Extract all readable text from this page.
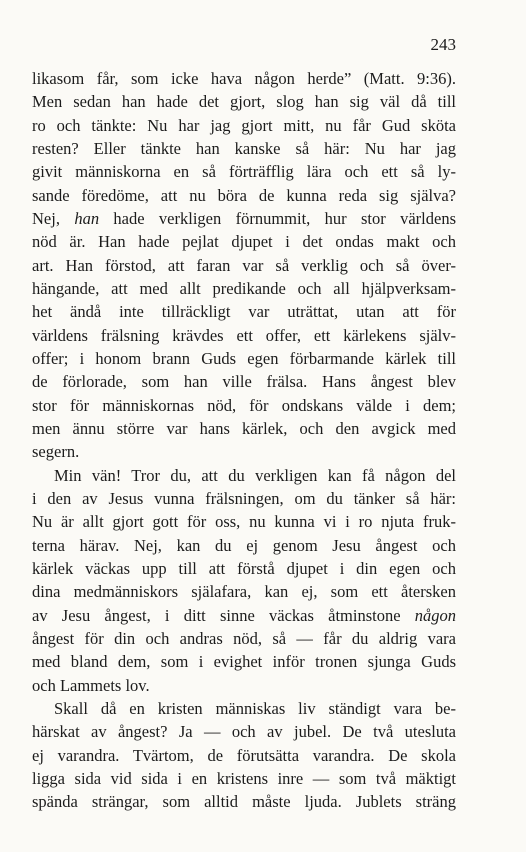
243
likasom får, som icke hava någon herde” (Matt. 9:36).
Men sedan han hade det gjort, slog han sig väl då till
ro och tänkte: Nu har jag gjort mitt, nu får Gud sköta
resten? Eller tänkte han kanske så här: Nu har jag
givit människorna en så förträfflig lära och ett så ly-
sande föredöme, att nu böra de kunna reda sig själva?
Nej, han hade verkligen förnummit, hur stor världens
nöd är. Han hade pejlat djupet i det ondas makt och
art. Han förstod, att faran var så verklig och så över-
hängande, att med allt predikande och all hjälpverksam-
het ändå inte tillräckligt var uträttat, utan att för
världens frälsning krävdes ett offer, ett kärlekens själv-
offer; i honom brann Guds egen förbarmande kärlek till
de förlorade, som han ville frälsa. Hans ångest blev
stor för människornas nöd, för ondskans välde i dem;
men ännu större var hans kärlek, och den avgick med
segern.
Min vän! Tror du, att du verkligen kan få någon del
i den av Jesus vunna frälsningen, om du tänker så här:
Nu är allt gjort gott för oss, nu kunna vi i ro njuta fruk-
terna härav. Nej, kan du ej genom Jesu ångest och
kärlek väckas upp till att förstå djupet i din egen och
dina medmänniskors själafara, kan ej, som ett återsken
av Jesu ångest, i ditt sinne väckas åtminstone någon
ångest för din och andras nöd, så — får du aldrig vara
med bland dem, som i evighet inför tronen sjunga Guds
och Lammets lov.
Skall då en kristen människas liv ständigt vara be-
härskat av ångest? Ja — och av jubel. De två utesluta
ej varandra. Tvärtom, de förutsätta varandra. De skola
ligga sida vid sida i en kristens inre — som två mäktigt
spända strängar, som alltid måste ljuda. Jublets sträng
